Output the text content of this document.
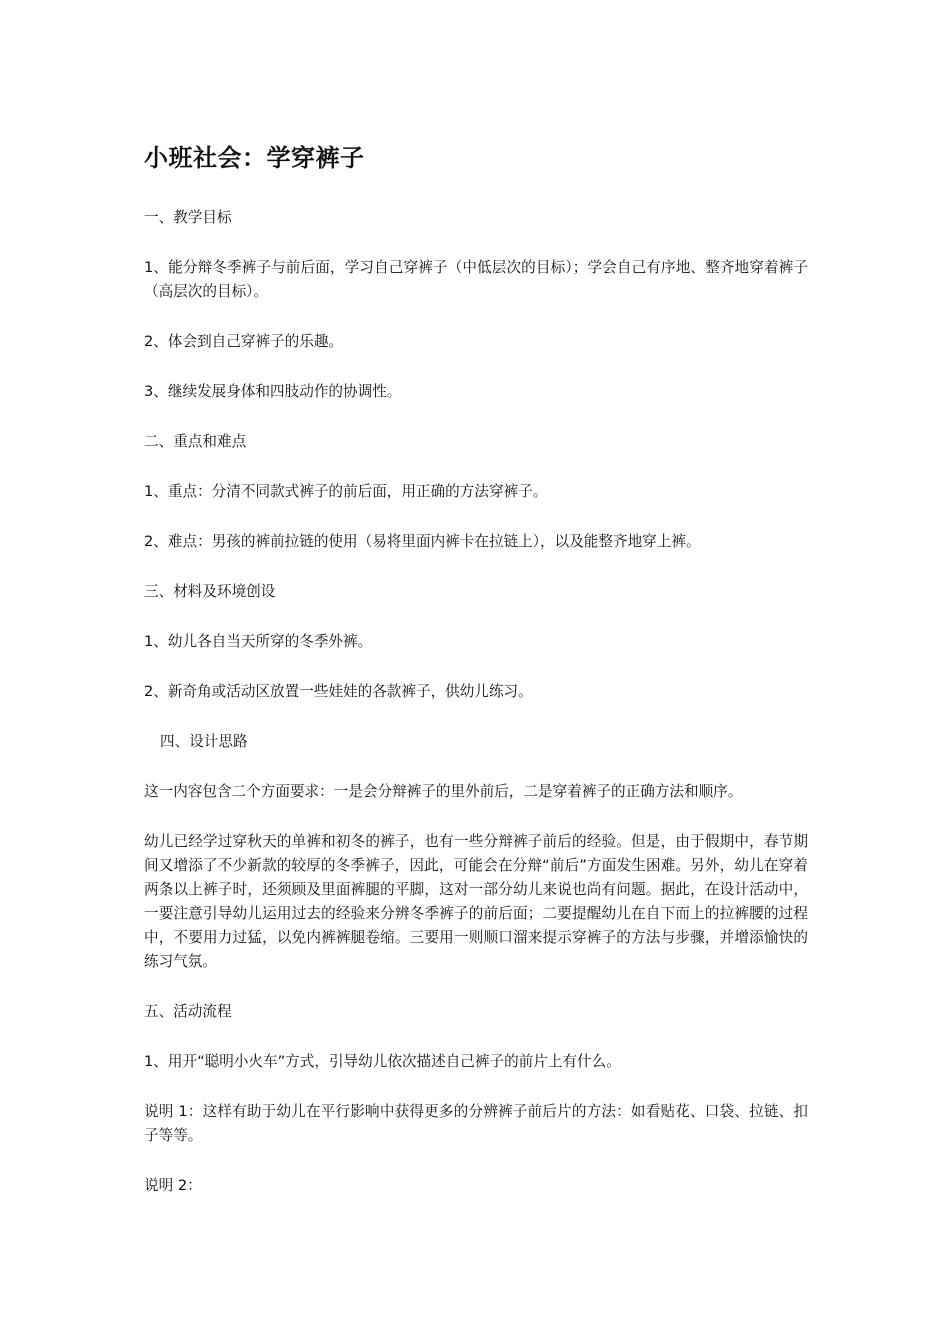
小班社会：学穿裤子
一、教学目标
1、能分辩冬季裤子与前后面，学习自己穿裤子（中低层次的目标）；学会自己有序地、整齐地穿着裤子（高层次的目标）。
2、体会到自己穿裤子的乐趣。
3、继续发展身体和四肢动作的协调性。
二、重点和难点
1、重点：分清不同款式裤子的前后面，用正确的方法穿裤子。
2、难点：男孩的裤前拉链的使用（易将里面内裤卡在拉链上），以及能整齐地穿上裤。
三、材料及环境创设
1、幼儿各自当天所穿的冬季外裤。
2、新奇角或活动区放置一些娃娃的各款裤子，供幼儿练习。
四、设计思路
这一内容包含二个方面要求：一是会分辩裤子的里外前后，二是穿着裤子的正确方法和顺序。
幼儿已经学过穿秋天的单裤和初冬的裤子，也有一些分辩裤子前后的经验。但是，由于假期中，春节期间又增添了不少新款的较厚的冬季裤子，因此，可能会在分辩“前后”方面发生困难。另外，幼儿在穿着两条以上裤子时，还须顾及里面裤腿的平脚，这对一部分幼儿来说也尚有问题。据此，在设计活动中，一要注意引导幼儿运用过去的经验来分辨冬季裤子的前后面；二要提醒幼儿在自下而上的拉裤腰的过程中，不要用力过猛，以免内裤裤腿卷缩。三要用一则顺口溜来提示穿裤子的方法与步骤，并增添愉快的练习气氛。
五、活动流程
1、用开“聪明小火车”方式，引导幼儿依次描述自己裤子的前片上有什么。
说明 1：这样有助于幼儿在平行影响中获得更多的分辨裤子前后片的方法：如看贴花、口袋、拉链、扣子等等。
说明 2：
